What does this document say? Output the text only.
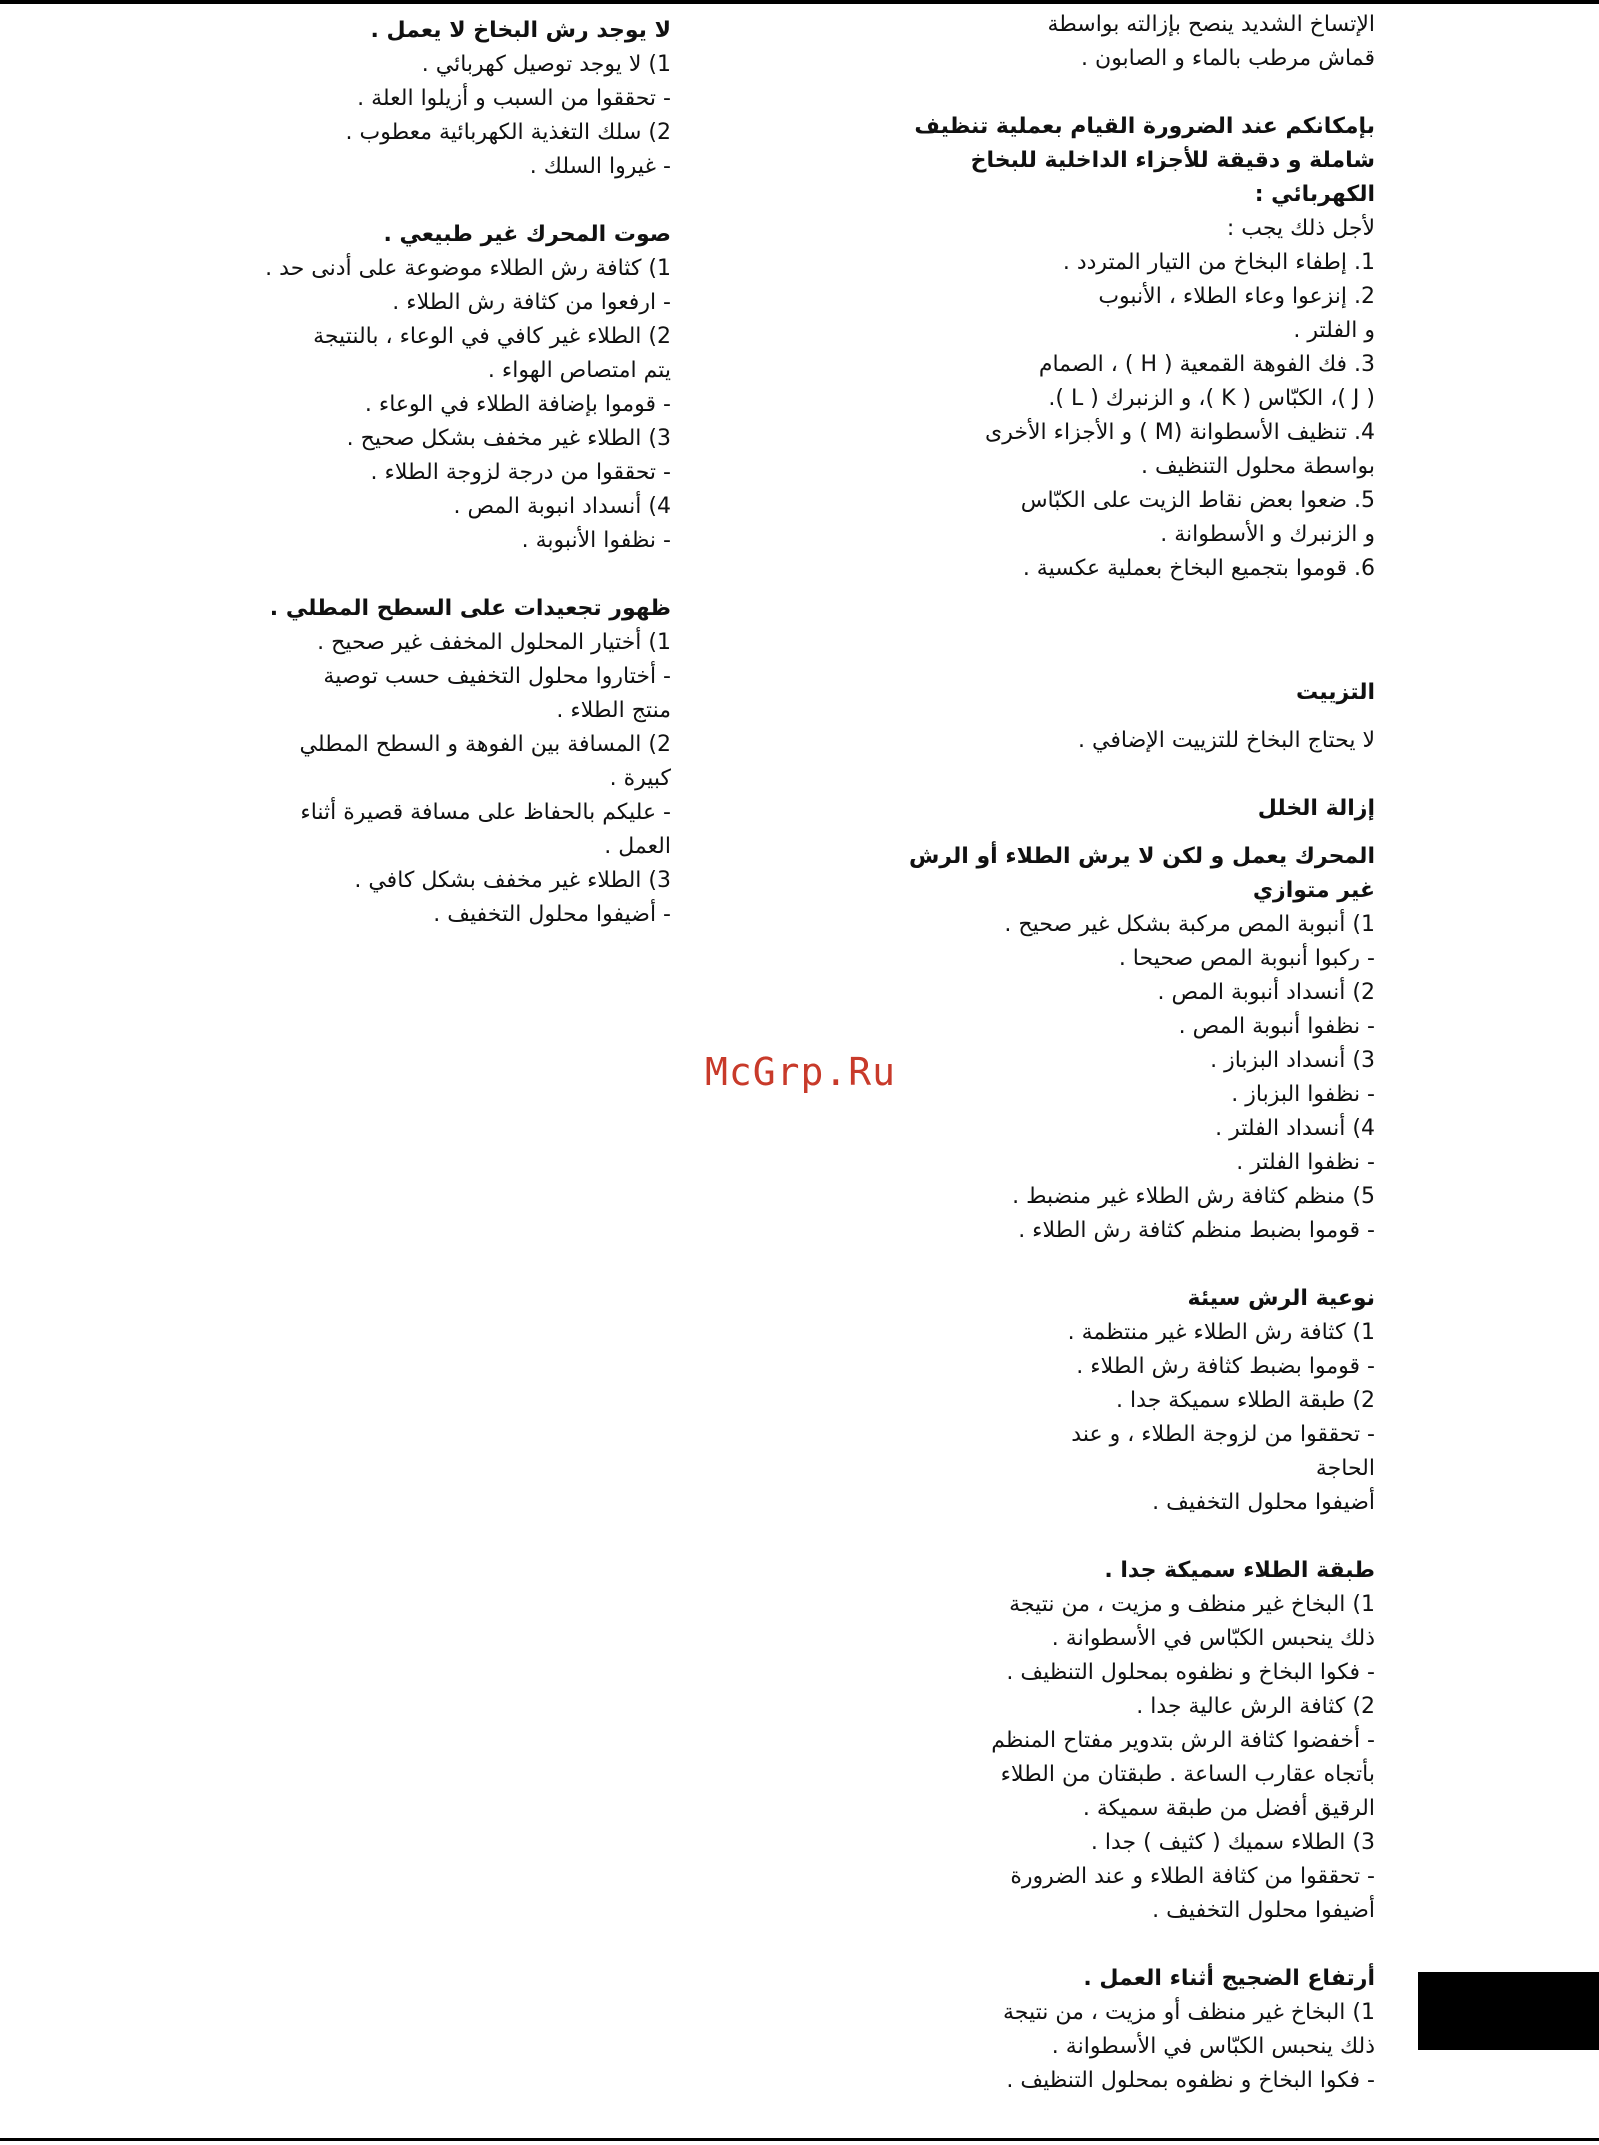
الإتساخ الشديد ينصح بإزالته بواسطة
قماش مرطب بالماء و الصابون .
بإمكانكم عند الضرورة القيام بعملية تنظيف
شاملة و دقيقة للأجزاء الداخلية للبخاخ
الكهربائي :
لأجل ذلك يجب :
1. إطفاء البخاخ من التيار المتردد .
2. إنزعوا وعاء الطلاء ، الأنبوب
و الفلتر .
3. فك الفوهة القمعية ( H ) ، الصمام
( J )، الكبّاس ( K )، و الزنبرك ( L ).
4. تنظيف الأسطوانة (M ) و الأجزاء الأخرى
بواسطة محلول التنظيف .
5. ضعوا بعض نقاط الزيت على الكبّاس
و الزنبرك و الأسطوانة .
6. قوموا بتجميع البخاخ بعملية عكسية .
التزييت
لا يحتاج البخاخ للتزييت الإضافي .
إزالة الخلل
المحرك يعمل و لكن لا يرش الطلاء أو الرش
غير متوازي
1) أنبوبة المص مركبة بشكل غير صحيح .
- ركبوا أنبوبة المص صحيحا .
2) أنسداد أنبوبة المص .
- نظفوا أنبوبة المص .
3) أنسداد البزباز .
- نظفوا البزباز .
4) أنسداد الفلتر .
- نظفوا الفلتر .
5) منظم كثافة رش الطلاء غير منضبط .
- قوموا بضبط منظم كثافة رش الطلاء .
نوعية الرش سيئة
1) كثافة رش الطلاء غير منتظمة .
- قوموا بضبط كثافة رش الطلاء .
2) طبقة الطلاء سميكة جدا .
- تحققوا من لزوجة الطلاء ، و عند
الحاجة
أضيفوا محلول التخفيف .
طبقة الطلاء سميكة جدا .
1) البخاخ غير منظف و مزيت ، من نتيجة
ذلك ينحبس الكبّاس في الأسطوانة .
- فكوا البخاخ و نظفوه بمحلول التنظيف .
2) كثافة الرش عالية جدا .
- أخفضوا كثافة الرش بتدوير مفتاح المنظم
بأتجاه عقارب الساعة . طبقتان من الطلاء
الرقيق أفضل من طبقة سميكة .
3) الطلاء سميك ( كثيف ) جدا .
- تحققوا من كثافة الطلاء و عند الضرورة
أضيفوا محلول التخفيف .
أرتفاع الضجيج أثناء العمل .
1) البخاخ غير منظف أو مزيت ، من نتيجة
ذلك ينحبس الكبّاس في الأسطوانة .
- فكوا البخاخ و نظفوه بمحلول التنظيف .
لا يوجد رش البخاخ لا يعمل .
1) لا يوجد توصيل كهربائي .
- تحققوا من السبب و أزيلوا العلة .
2) سلك التغذية الكهربائية معطوب .
- غيروا السلك .
صوت المحرك غير طبيعي .
1) كثافة رش الطلاء موضوعة على أدنى حد .
- ارفعوا من كثافة رش الطلاء .
2) الطلاء غير كافي في الوعاء ، بالنتيجة
يتم امتصاص الهواء .
- قوموا بإضافة الطلاء في الوعاء .
3) الطلاء غير مخفف بشكل صحيح .
- تحققوا من درجة لزوجة الطلاء .
4) أنسداد انبوبة المص .
- نظفوا الأنبوبة .
ظهور تجعيدات على السطح المطلي .
1) أختيار المحلول المخفف غير صحيح .
- أختاروا محلول التخفيف حسب توصية
منتج الطلاء .
2) المسافة بين الفوهة و السطح المطلي
كبيرة .
- عليكم بالحفاظ على مسافة قصيرة أثناء
العمل .
3) الطلاء غير مخفف بشكل كافي .
- أضيفوا محلول التخفيف .
McGrp.Ru
